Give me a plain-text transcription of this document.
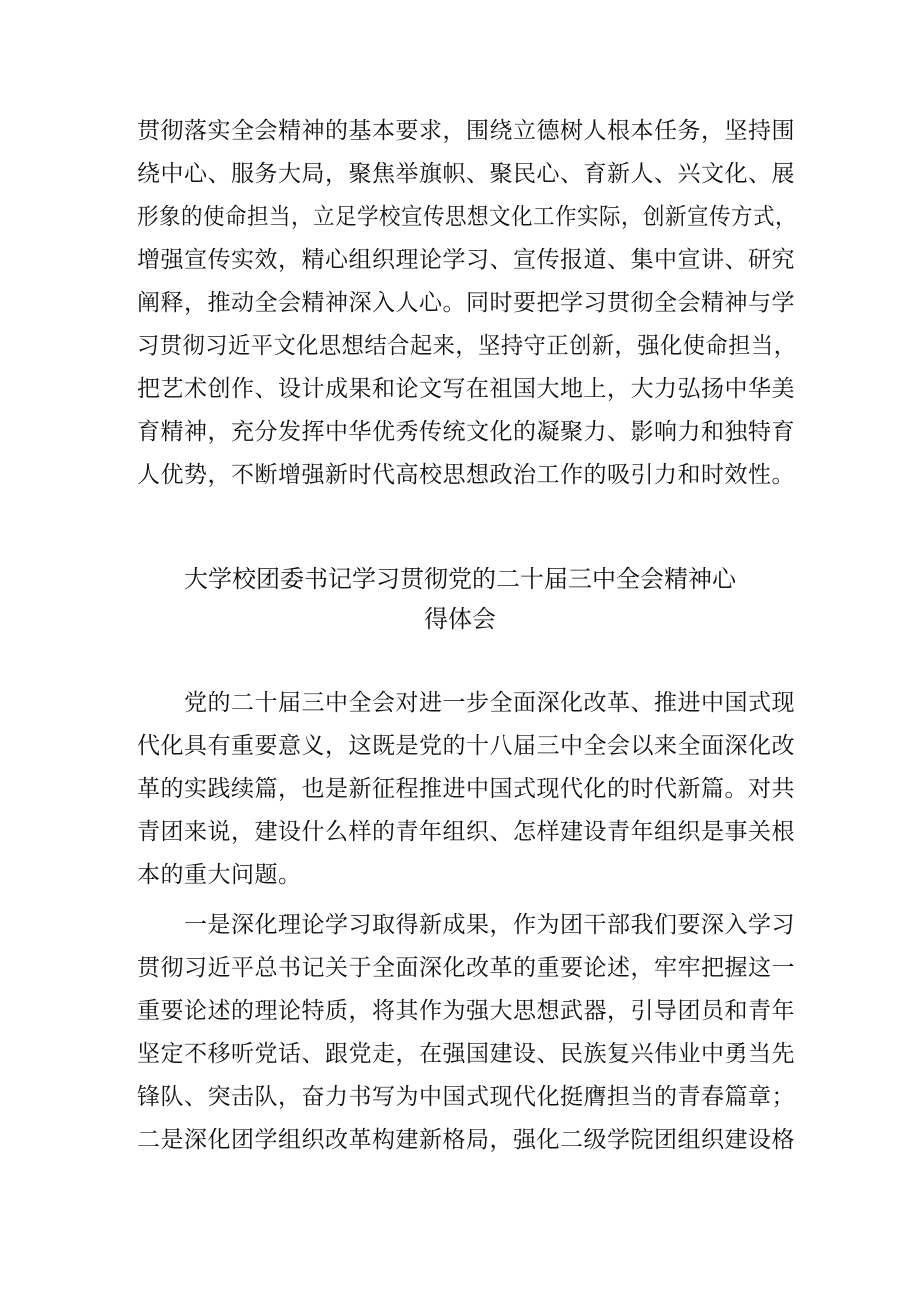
贯彻落实全会精神的基本要求，围绕立德树人根本任务，坚持围
绕中心、服务大局，聚焦举旗帜、聚民心、育新人、兴文化、展
形象的使命担当，立足学校宣传思想文化工作实际，创新宣传方式，
增强宣传实效，精心组织理论学习、宣传报道、集中宣讲、研究
阐释，推动全会精神深入人心。同时要把学习贯彻全会精神与学
习贯彻习近平文化思想结合起来，坚持守正创新，强化使命担当，
把艺术创作、设计成果和论文写在祖国大地上，大力弘扬中华美
育精神，充分发挥中华优秀传统文化的凝聚力、影响力和独特育
人优势，不断增强新时代高校思想政治工作的吸引力和时效性。
大学校团委书记学习贯彻党的二十届三中全会精神心
得体会
　　党的二十届三中全会对进一步全面深化改革、推进中国式现
代化具有重要意义，这既是党的十八届三中全会以来全面深化改
革的实践续篇，也是新征程推进中国式现代化的时代新篇。对共
青团来说，建设什么样的青年组织、怎样建设青年组织是事关根
本的重大问题。
　　一是深化理论学习取得新成果，作为团干部我们要深入学习
贯彻习近平总书记关于全面深化改革的重要论述，牢牢把握这一
重要论述的理论特质，将其作为强大思想武器，引导团员和青年
坚定不移听党话、跟党走，在强国建设、民族复兴伟业中勇当先
锋队、突击队，奋力书写为中国式现代化挺膺担当的青春篇章；
二是深化团学组织改革构建新格局，强化二级学院团组织建设格
